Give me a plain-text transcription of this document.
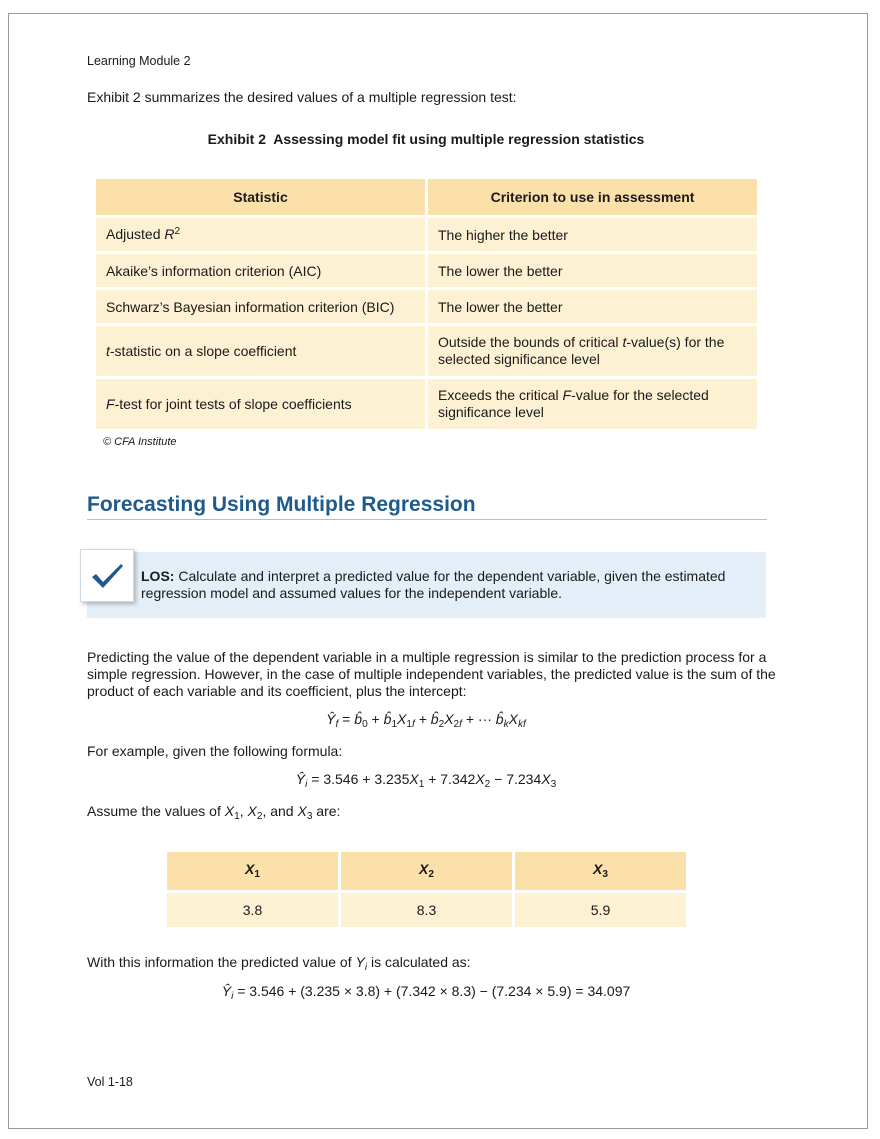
Learning Module 2
Exhibit 2 summarizes the desired values of a multiple regression test:
Exhibit 2  Assessing model fit using multiple regression statistics
Statistic	Criterion to use in assessment
Adjusted $R^2$	The higher the better
Akaike’s information criterion (AIC)	The lower the better
Schwarz’s Bayesian information criterion (BIC)	The lower the better
t-statistic on a slope coefficient	Outside the bounds of critical t-value(s) for the selected significance level
F-test for joint tests of slope coefficients	Exceeds the critical F-value for the selected significance level
© CFA Institute
Forecasting Using Multiple Regression
LOS: Calculate and interpret a predicted value for the dependent variable, given the estimated regression model and assumed values for the independent variable.
Predicting the value of the dependent variable in a multiple regression is similar to the prediction process for a simple regression. However, in the case of multiple independent variables, the predicted value is the sum of the product of each variable and its coefficient, plus the intercept:
$Ŷ_f$ = $b̂_0$ + $b̂_1X_{1f}$ + $b̂_2X_{2f}$ + ··· $b̂_kX_{kf}$
For example, given the following formula:
$Ŷ_i = 3.546 + 3.235X_1 + 7.342X_2 - 7.234X_3$
Assume the values of $X_1$, $X_2$, and $X_3$ are:
$X_1$	$X_2$	$X_3$
3.8	8.3	5.9
With this information the predicted value of $Y_i$ is calculated as:
$Ŷ_i = 3.546 + (3.235 \times 3.8) + (7.342 \times 8.3) - (7.234 \times 5.9) = 34.097$
Vol 1-18
